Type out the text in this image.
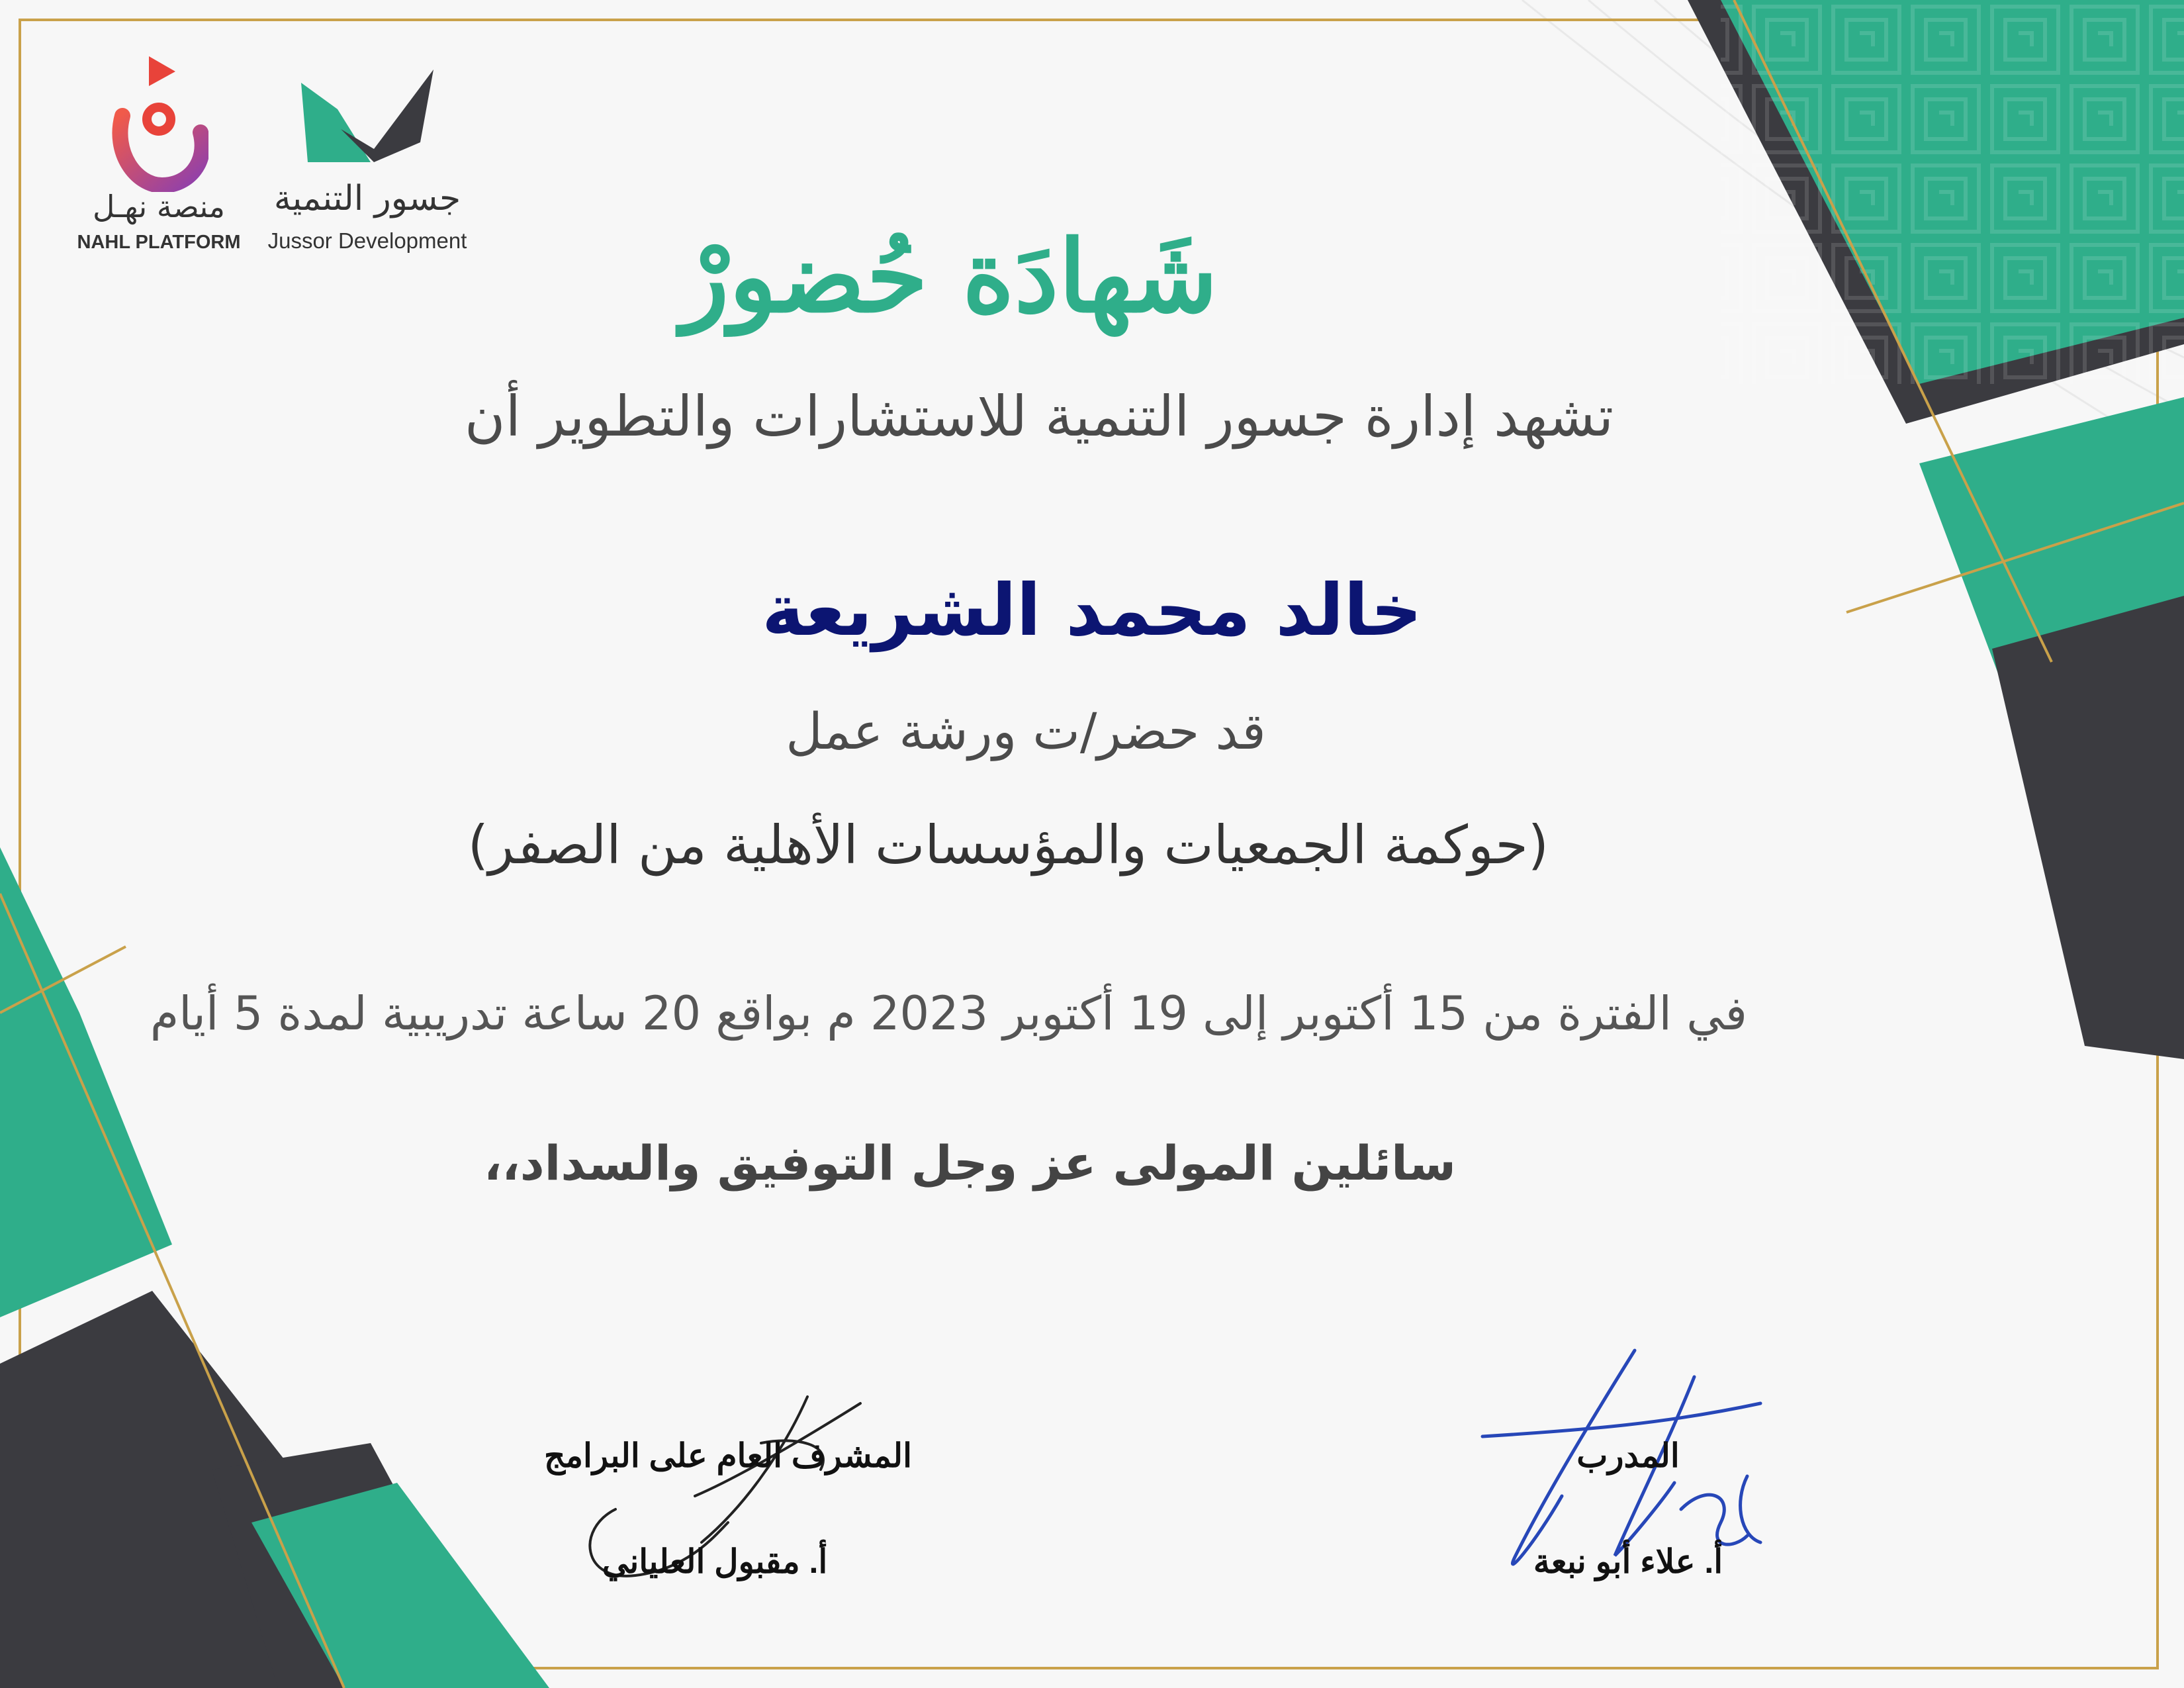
جسور التنمية
Jussor Development
منصة نهـل
NAHL PLATFORM	شَهادَة حُضورْ
تشهد إدارة جسور التنمية للاستشارات والتطوير أن
خالد محمد الشريعة
قد حضر/ت ورشة عمل
(حوكمة الجمعيات والمؤسسات الأهلية من الصفر)
في الفترة من 15 أكتوبر إلى 19 أكتوبر 2023 م بواقع 20 ساعة تدريبية لمدة 5 أيام
سائلين المولى عز وجل التوفيق والسداد،،
المدرب
أ. علاء أبو نبعة
المشرف العام على البرامج
أ. مقبول العلياني
